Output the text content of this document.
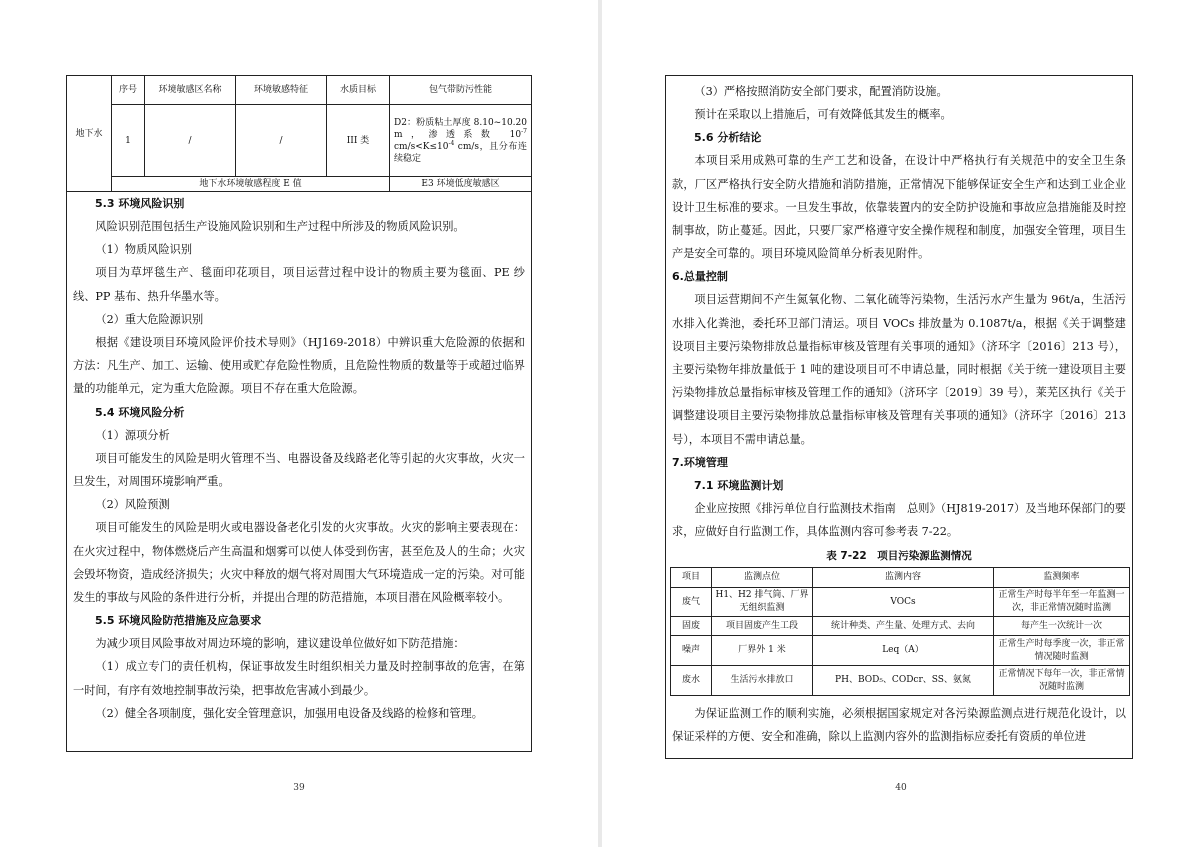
地下水	序号	环境敏感区名称	环境敏感特征	水质目标	包气带防污性能
	1	/	/	III 类	D2：粉质粘土厚度 8.10~10.20 m，渗透系数 $10^{-7}$ $cm/s<K\le 10^{-4}$ cm/s，且分布连续稳定
	地下水环境敏感程度 E 值				E3 环境低度敏感区

5.3 环境风险识别

风险识别范围包括生产设施风险识别和生产过程中所涉及的物质风险识别。

（1）物质风险识别

项目为草坪毯生产、毯面印花项目，项目运营过程中设计的物质主要为毯面、PE 纱线、PP 基布、热升华墨水等。

（2）重大危险源识别

根据《建设项目环境风险评价技术导则》（HJ169-2018）中辨识重大危险源的依据和方法：凡生产、加工、运输、使用或贮存危险性物质，且危险性物质的数量等于或超过临界量的功能单元，定为重大危险源。项目不存在重大危险源。

5.4 环境风险分析

（1）源项分析

项目可能发生的风险是明火管理不当、电器设备及线路老化等引起的火灾事故，火灾一旦发生，对周围环境影响严重。

（2）风险预测

项目可能发生的风险是明火或电器设备老化引发的火灾事故。火灾的影响主要表现在：在火灾过程中，物体燃烧后产生高温和烟雾可以使人体受到伤害，甚至危及人的生命；火灾会毁坏物资，造成经济损失；火灾中释放的烟气将对周围大气环境造成一定的污染。对可能发生的事故与风险的条件进行分析，并提出合理的防范措施，本项目潜在风险概率较小。

5.5 环境风险防范措施及应急要求

为减少项目风险事故对周边环境的影响，建议建设单位做好如下防范措施：

（1）成立专门的责任机构，保证事故发生时组织相关力量及时控制事故的危害，在第一时间，有序有效地控制事故污染，把事故危害减小到最少。

（2）健全各项制度，强化安全管理意识，加强用电设备及线路的检修和管理。

39

（3）严格按照消防安全部门要求，配置消防设施。

预计在采取以上措施后，可有效降低其发生的概率。

5.6 分析结论

本项目采用成熟可靠的生产工艺和设备，在设计中严格执行有关规范中的安全卫生条款，厂区严格执行安全防火措施和消防措施，正常情况下能够保证安全生产和达到工业企业设计卫生标准的要求。一旦发生事故，依靠装置内的安全防护设施和事故应急措施能及时控制事故，防止蔓延。因此，只要厂家严格遵守安全操作规程和制度，加强安全管理，项目生产是安全可靠的。项目环境风险简单分析表见附件。

6.总量控制

项目运营期间不产生氮氧化物、二氧化硫等污染物，生活污水产生量为 96t/a，生活污水排入化粪池，委托环卫部门清运。项目 VOCs 排放量为 0.1087t/a，根据《关于调整建设项目主要污染物排放总量指标审核及管理有关事项的通知》（济环字〔2016〕213 号），主要污染物年排放量低于 1 吨的建设项目可不申请总量，同时根据《关于统一建设项目主要污染物排放总量指标审核及管理工作的通知》（济环字〔2019〕39 号），莱芜区执行《关于调整建设项目主要污染物排放总量指标审核及管理有关事项的通知》（济环字〔2016〕213 号），本项目不需申请总量。

7.环境管理

7.1 环境监测计划

企业应按照《排污单位自行监测技术指南　总则》（HJ819-2017）及当地环保部门的要求，应做好自行监测工作，具体监测内容可参考表 7-22。

表 7-22　项目污染源监测情况
项目	监测点位	监测内容	监测频率
废气	H1、H2 排气筒、厂界无组织监测	VOCs	正常生产时每半年至一年监测一次，非正常情况随时监测
固废	项目固废产生工段	统计种类、产生量、处理方式、去向	每产生一次统计一次
噪声	厂界外 1 米	Leq（A）	正常生产时每季度一次，非正常情况随时监测
废水	生活污水排放口	PH、BOD₅、CODcr、SS、氨氮	正常情况下每年一次，非正常情况随时监测

为保证监测工作的顺利实施，必须根据国家规定对各污染源监测点进行规范化设计，以保证采样的方便、安全和准确，除以上监测内容外的监测指标应委托有资质的单位进

40
